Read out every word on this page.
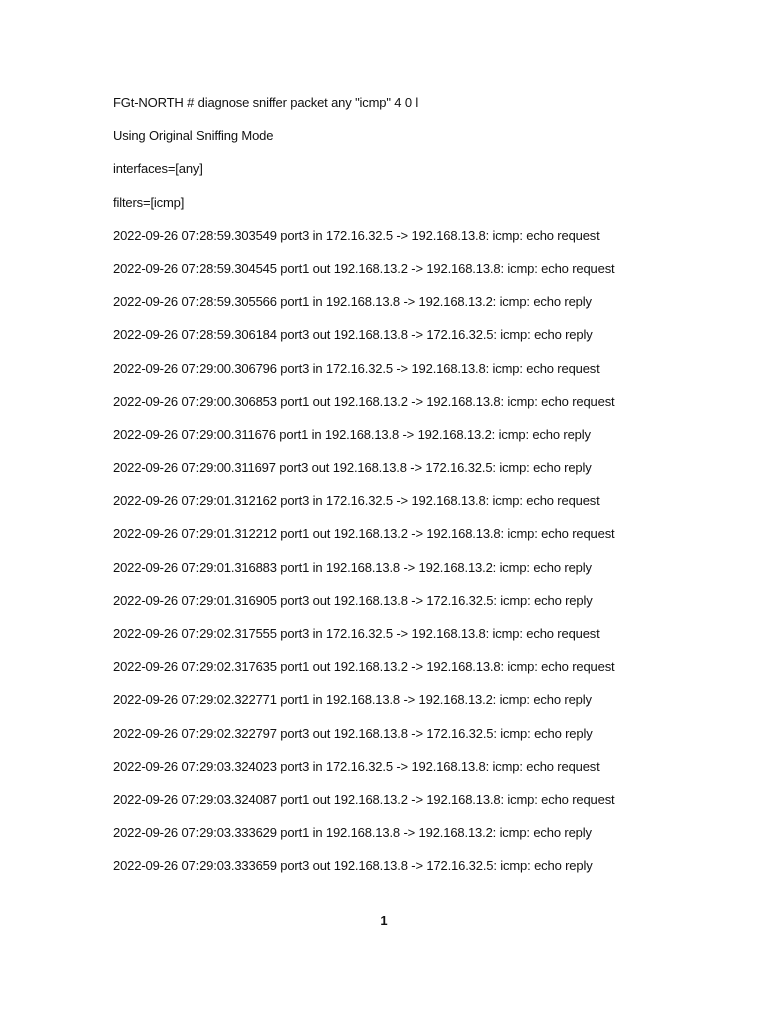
FGt-NORTH # diagnose sniffer packet any "icmp" 4 0 l
Using Original Sniffing Mode
interfaces=[any]
filters=[icmp]
2022-09-26 07:28:59.303549 port3 in 172.16.32.5 -> 192.168.13.8: icmp: echo request
2022-09-26 07:28:59.304545 port1 out 192.168.13.2 -> 192.168.13.8: icmp: echo request
2022-09-26 07:28:59.305566 port1 in 192.168.13.8 -> 192.168.13.2: icmp: echo reply
2022-09-26 07:28:59.306184 port3 out 192.168.13.8 -> 172.16.32.5: icmp: echo reply
2022-09-26 07:29:00.306796 port3 in 172.16.32.5 -> 192.168.13.8: icmp: echo request
2022-09-26 07:29:00.306853 port1 out 192.168.13.2 -> 192.168.13.8: icmp: echo request
2022-09-26 07:29:00.311676 port1 in 192.168.13.8 -> 192.168.13.2: icmp: echo reply
2022-09-26 07:29:00.311697 port3 out 192.168.13.8 -> 172.16.32.5: icmp: echo reply
2022-09-26 07:29:01.312162 port3 in 172.16.32.5 -> 192.168.13.8: icmp: echo request
2022-09-26 07:29:01.312212 port1 out 192.168.13.2 -> 192.168.13.8: icmp: echo request
2022-09-26 07:29:01.316883 port1 in 192.168.13.8 -> 192.168.13.2: icmp: echo reply
2022-09-26 07:29:01.316905 port3 out 192.168.13.8 -> 172.16.32.5: icmp: echo reply
2022-09-26 07:29:02.317555 port3 in 172.16.32.5 -> 192.168.13.8: icmp: echo request
2022-09-26 07:29:02.317635 port1 out 192.168.13.2 -> 192.168.13.8: icmp: echo request
2022-09-26 07:29:02.322771 port1 in 192.168.13.8 -> 192.168.13.2: icmp: echo reply
2022-09-26 07:29:02.322797 port3 out 192.168.13.8 -> 172.16.32.5: icmp: echo reply
2022-09-26 07:29:03.324023 port3 in 172.16.32.5 -> 192.168.13.8: icmp: echo request
2022-09-26 07:29:03.324087 port1 out 192.168.13.2 -> 192.168.13.8: icmp: echo request
2022-09-26 07:29:03.333629 port1 in 192.168.13.8 -> 192.168.13.2: icmp: echo reply
2022-09-26 07:29:03.333659 port3 out 192.168.13.8 -> 172.16.32.5: icmp: echo reply
1
